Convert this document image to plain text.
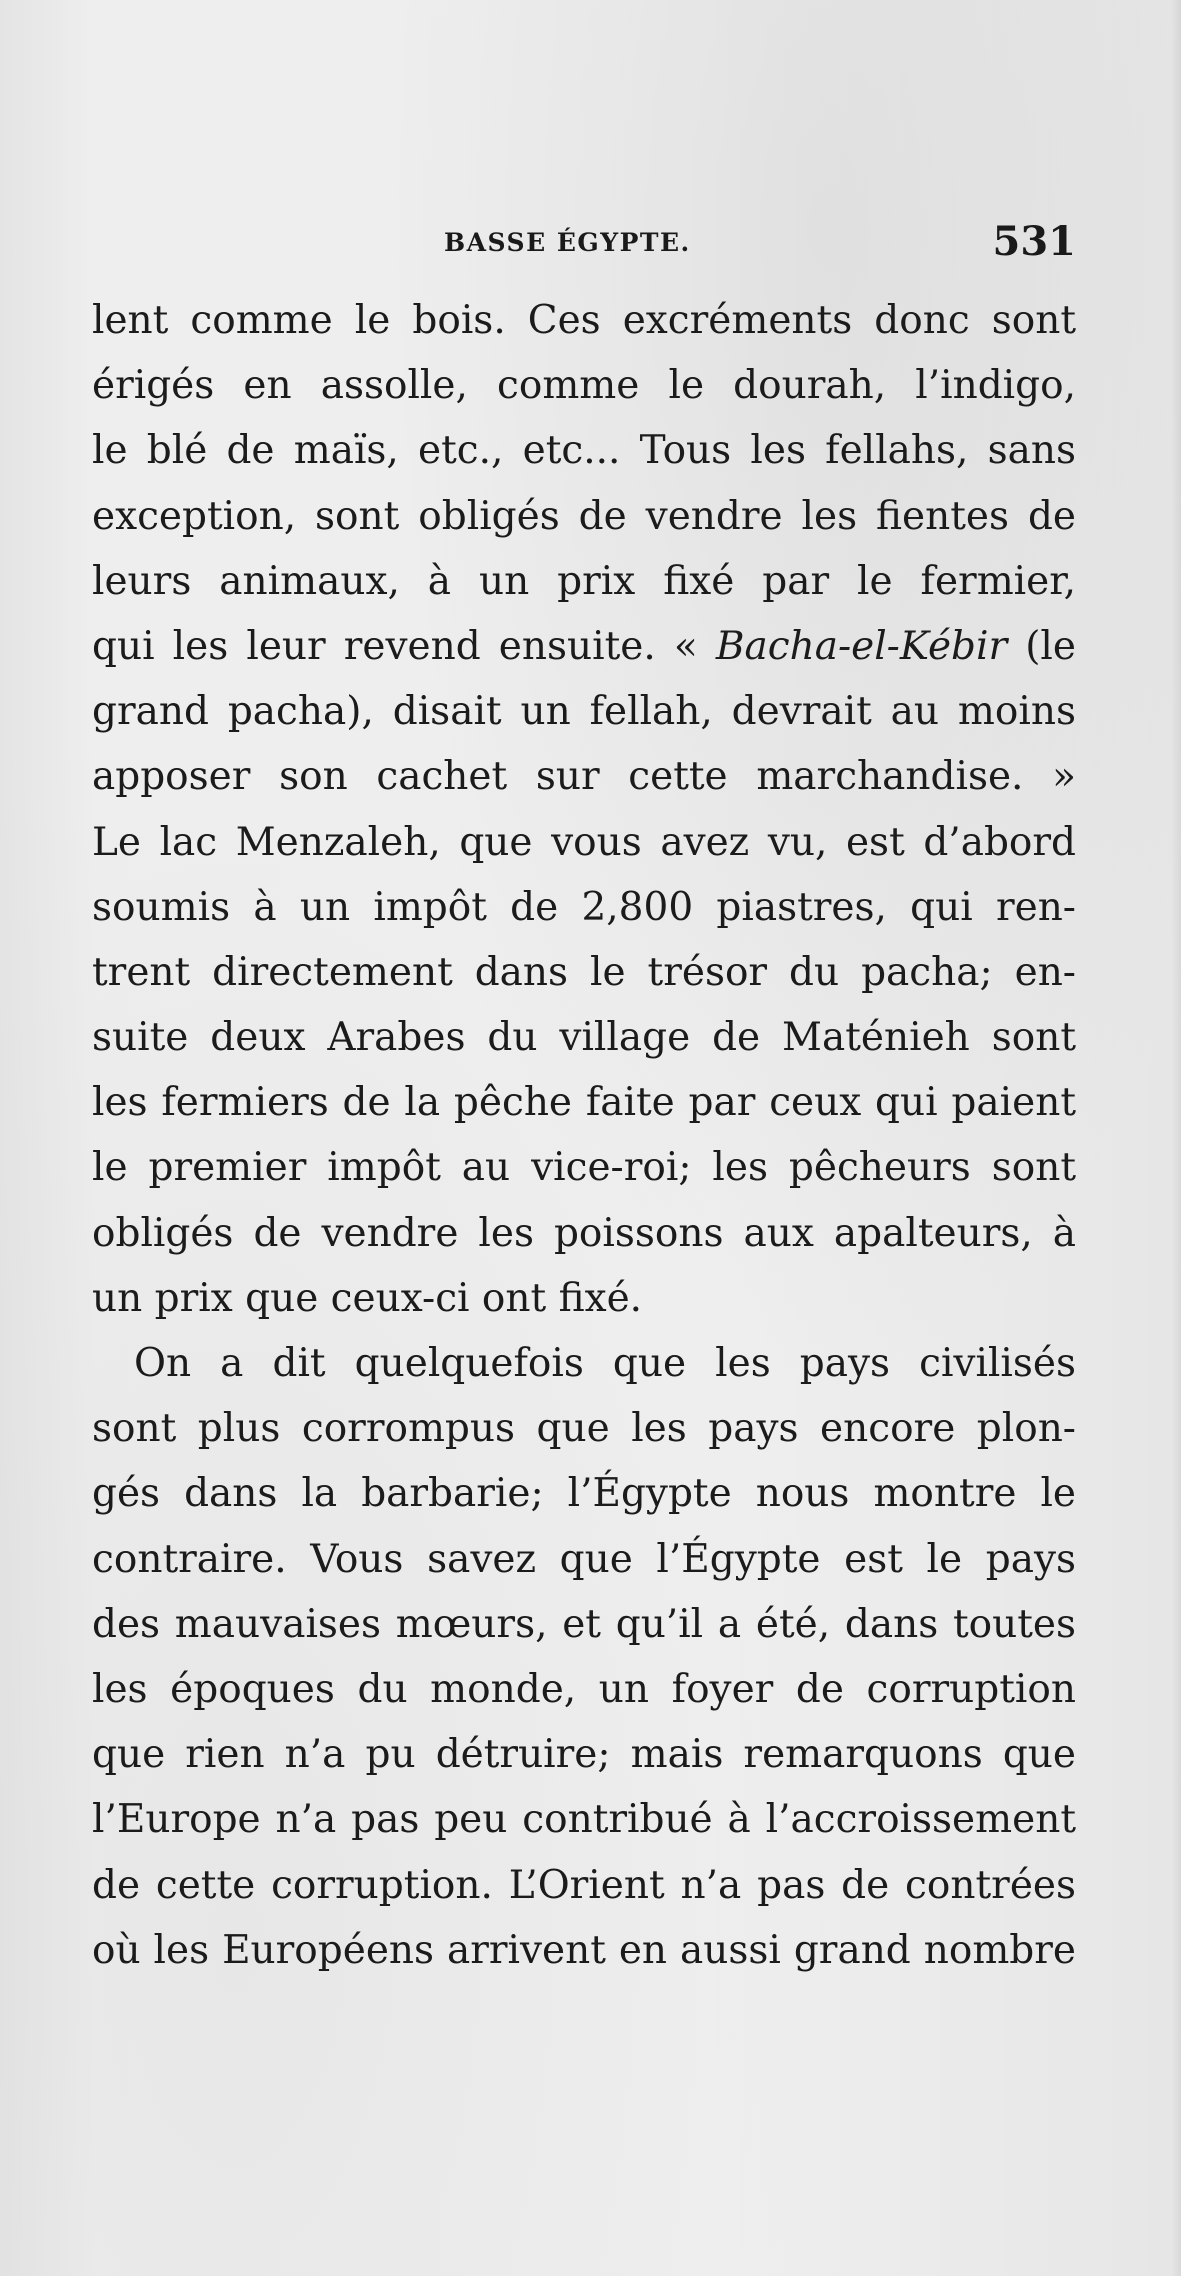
BASSE ÉGYPTE.	531
lent comme le bois. Ces excréments donc sont
érigés en assolle, comme le dourah, l’indigo,
le blé de maïs, etc., etc... Tous les fellahs, sans
exception, sont obligés de vendre les fientes de
leurs animaux, à un prix fixé par le fermier,
qui les leur revend ensuite. « Bacha-el-Kébir (le
grand pacha), disait un fellah, devrait au moins
apposer son cachet sur cette marchandise. »
Le lac Menzaleh, que vous avez vu, est d’abord
soumis à un impôt de 2,800 piastres, qui ren-
trent directement dans le trésor du pacha; en-
suite deux Arabes du village de Maténieh sont
les fermiers de la pêche faite par ceux qui paient
le premier impôt au vice-roi; les pêcheurs sont
obligés de vendre les poissons aux apalteurs, à
un prix que ceux-ci ont fixé.
On a dit quelquefois que les pays civilisés
sont plus corrompus que les pays encore plon-
gés dans la barbarie; l’Égypte nous montre le
contraire. Vous savez que l’Égypte est le pays
des mauvaises mœurs, et qu’il a été, dans toutes
les époques du monde, un foyer de corruption
que rien n’a pu détruire; mais remarquons que
l’Europe n’a pas peu contribué à l’accroissement
de cette corruption. L’Orient n’a pas de contrées
où les Européens arrivent en aussi grand nombre
